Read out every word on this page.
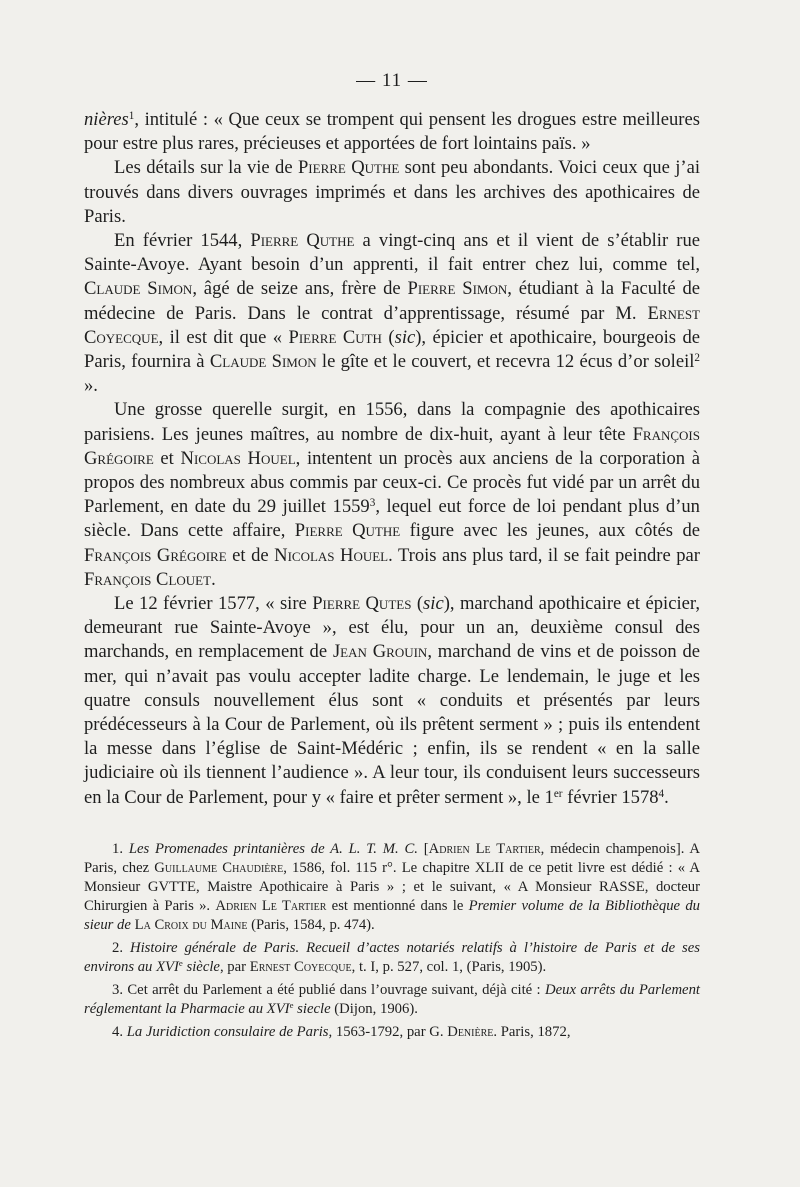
— 11 —

nières$^1$, intitulé : « Que ceux se trompent qui pensent les drogues estre meilleures pour estre plus rares, précieuses et apportées de fort lointains païs. »

Les détails sur la vie de Pierre Quthe sont peu abondants. Voici ceux que j’ai trouvés dans divers ouvrages imprimés et dans les archives des apothicaires de Paris.

En février 1544, Pierre Quthe a vingt-cinq ans et il vient de s’établir rue Sainte-Avoye. Ayant besoin d’un apprenti, il fait entrer chez lui, comme tel, Claude Simon, âgé de seize ans, frère de Pierre Simon, étudiant à la Faculté de médecine de Paris. Dans le contrat d’apprentissage, résumé par M. Ernest Coyecque, il est dit que « Pierre Cuth (sic), épicier et apothicaire, bourgeois de Paris, fournira à Claude Simon le gîte et le couvert, et recevra 12 écus d’or soleil$^2$ ».

Une grosse querelle surgit, en 1556, dans la compagnie des apothicaires parisiens. Les jeunes maîtres, au nombre de dix-huit, ayant à leur tête François Grégoire et Nicolas Houel, intentent un procès aux anciens de la corporation à propos des nombreux abus commis par ceux-ci. Ce procès fut vidé par un arrêt du Parlement, en date du 29 juillet 1559$^3$, lequel eut force de loi pendant plus d’un siècle. Dans cette affaire, Pierre Quthe figure avec les jeunes, aux côtés de François Grégoire et de Nicolas Houel. Trois ans plus tard, il se fait peindre par François Clouet.

Le 12 février 1577, « sire Pierre Qutes (sic), marchand apothicaire et épicier, demeurant rue Sainte-Avoye », est élu, pour un an, deuxième consul des marchands, en remplacement de Jean Grouin, marchand de vins et de poisson de mer, qui n’avait pas voulu accepter ladite charge. Le lendemain, le juge et les quatre consuls nouvellement élus sont « conduits et présentés par leurs prédécesseurs à la Cour de Parlement, où ils prêtent serment » ; puis ils entendent la messe dans l’église de Saint-Médéric ; enfin, ils se rendent « en la salle judiciaire où ils tiennent l’audience ». A leur tour, ils conduisent leurs successeurs en la Cour de Parlement, pour y « faire et prêter serment », le 1er février 1578$^4$.

1. Les Promenades printanières de A. L. T. M. C. [Adrien Le Tartier, médecin champenois]. A Paris, chez Guillaume Chaudière, 1586, fol. 115 r°. Le chapitre XLII de ce petit livre est dédié : « A Monsieur GVTTE, Maistre Apothicaire à Paris » ; et le suivant, « A Monsieur RASSE, docteur Chirurgien à Paris ». Adrien Le Tartier est mentionné dans le Premier volume de la Bibliothèque du sieur de La Croix du Maine (Paris, 1584, p. 474).

2. Histoire générale de Paris. Recueil d’actes notariés relatifs à l’histoire de Paris et de ses environs au XVIe siècle, par Ernest Coyecque, t. I, p. 527, col. 1, (Paris, 1905).

3. Cet arrêt du Parlement a été publié dans l’ouvrage suivant, déjà cité : Deux arrêts du Parlement réglementant la Pharmacie au XVIe siecle (Dijon, 1906).

4. La Juridiction consulaire de Paris, 1563-1792, par G. Denière. Paris, 1872,
